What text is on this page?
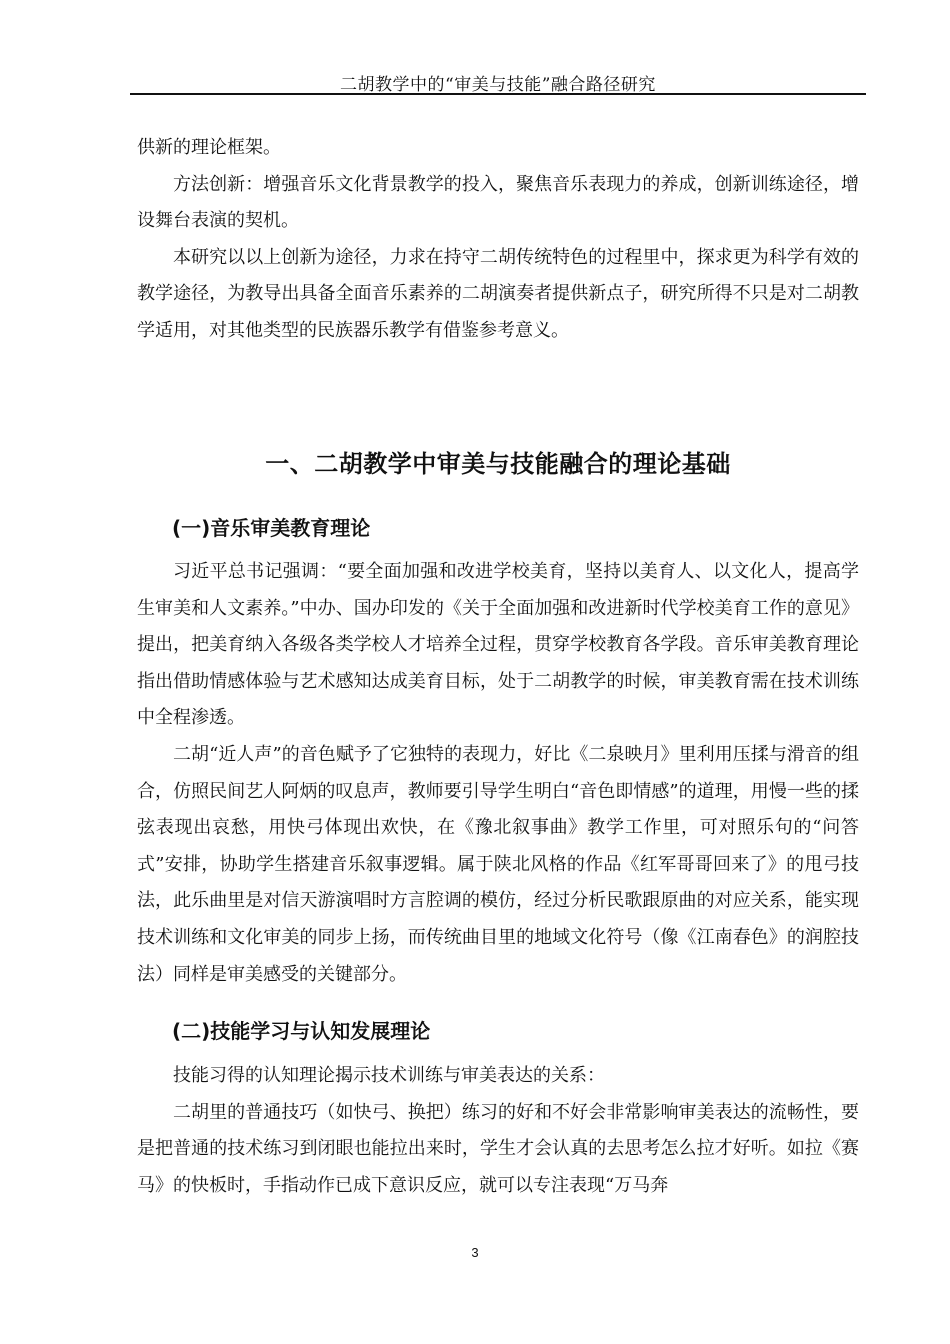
二胡教学中的“审美与技能”融合路径研究

供新的理论框架。

方法创新：增强音乐文化背景教学的投入，聚焦音乐表现力的养成，创新训练途径，增设舞台表演的契机。

本研究以以上创新为途径，力求在持守二胡传统特色的过程里中，探求更为科学有效的教学途径，为教导出具备全面音乐素养的二胡演奏者提供新点子，研究所得不只是对二胡教学适用，对其他类型的民族器乐教学有借鉴参考意义。

一、二胡教学中审美与技能融合的理论基础
(一)音乐审美教育理论

习近平总书记强调：“要全面加强和改进学校美育，坚持以美育人、以文化人，提高学生审美和人文素养。”中办、国办印发的《关于全面加强和改进新时代学校美育工作的意见》提出，把美育纳入各级各类学校人才培养全过程，贯穿学校教育各学段。音乐审美教育理论指出借助情感体验与艺术感知达成美育目标，处于二胡教学的时候，审美教育需在技术训练中全程渗透。

二胡“近人声”的音色赋予了它独特的表现力，好比《二泉映月》里利用压揉与滑音的组合，仿照民间艺人阿炳的叹息声，教师要引导学生明白“音色即情感”的道理，用慢一些的揉弦表现出哀愁，用快弓体现出欢快，在《豫北叙事曲》教学工作里，可对照乐句的“问答式”安排，协助学生搭建音乐叙事逻辑。属于陕北风格的作品《红军哥哥回来了》的甩弓技法，此乐曲里是对信天游演唱时方言腔调的模仿，经过分析民歌跟原曲的对应关系，能实现技术训练和文化审美的同步上扬，而传统曲目里的地域文化符号（像《江南春色》的润腔技法）同样是审美感受的关键部分。

(二)技能学习与认知发展理论

技能习得的认知理论揭示技术训练与审美表达的关系：

二胡里的普通技巧（如快弓、换把）练习的好和不好会非常影响审美表达的流畅性，要是把普通的技术练习到闭眼也能拉出来时，学生才会认真的去思考怎么拉才好听。如拉《赛马》的快板时，手指动作已成下意识反应，就可以专注表现“万马奔

3
